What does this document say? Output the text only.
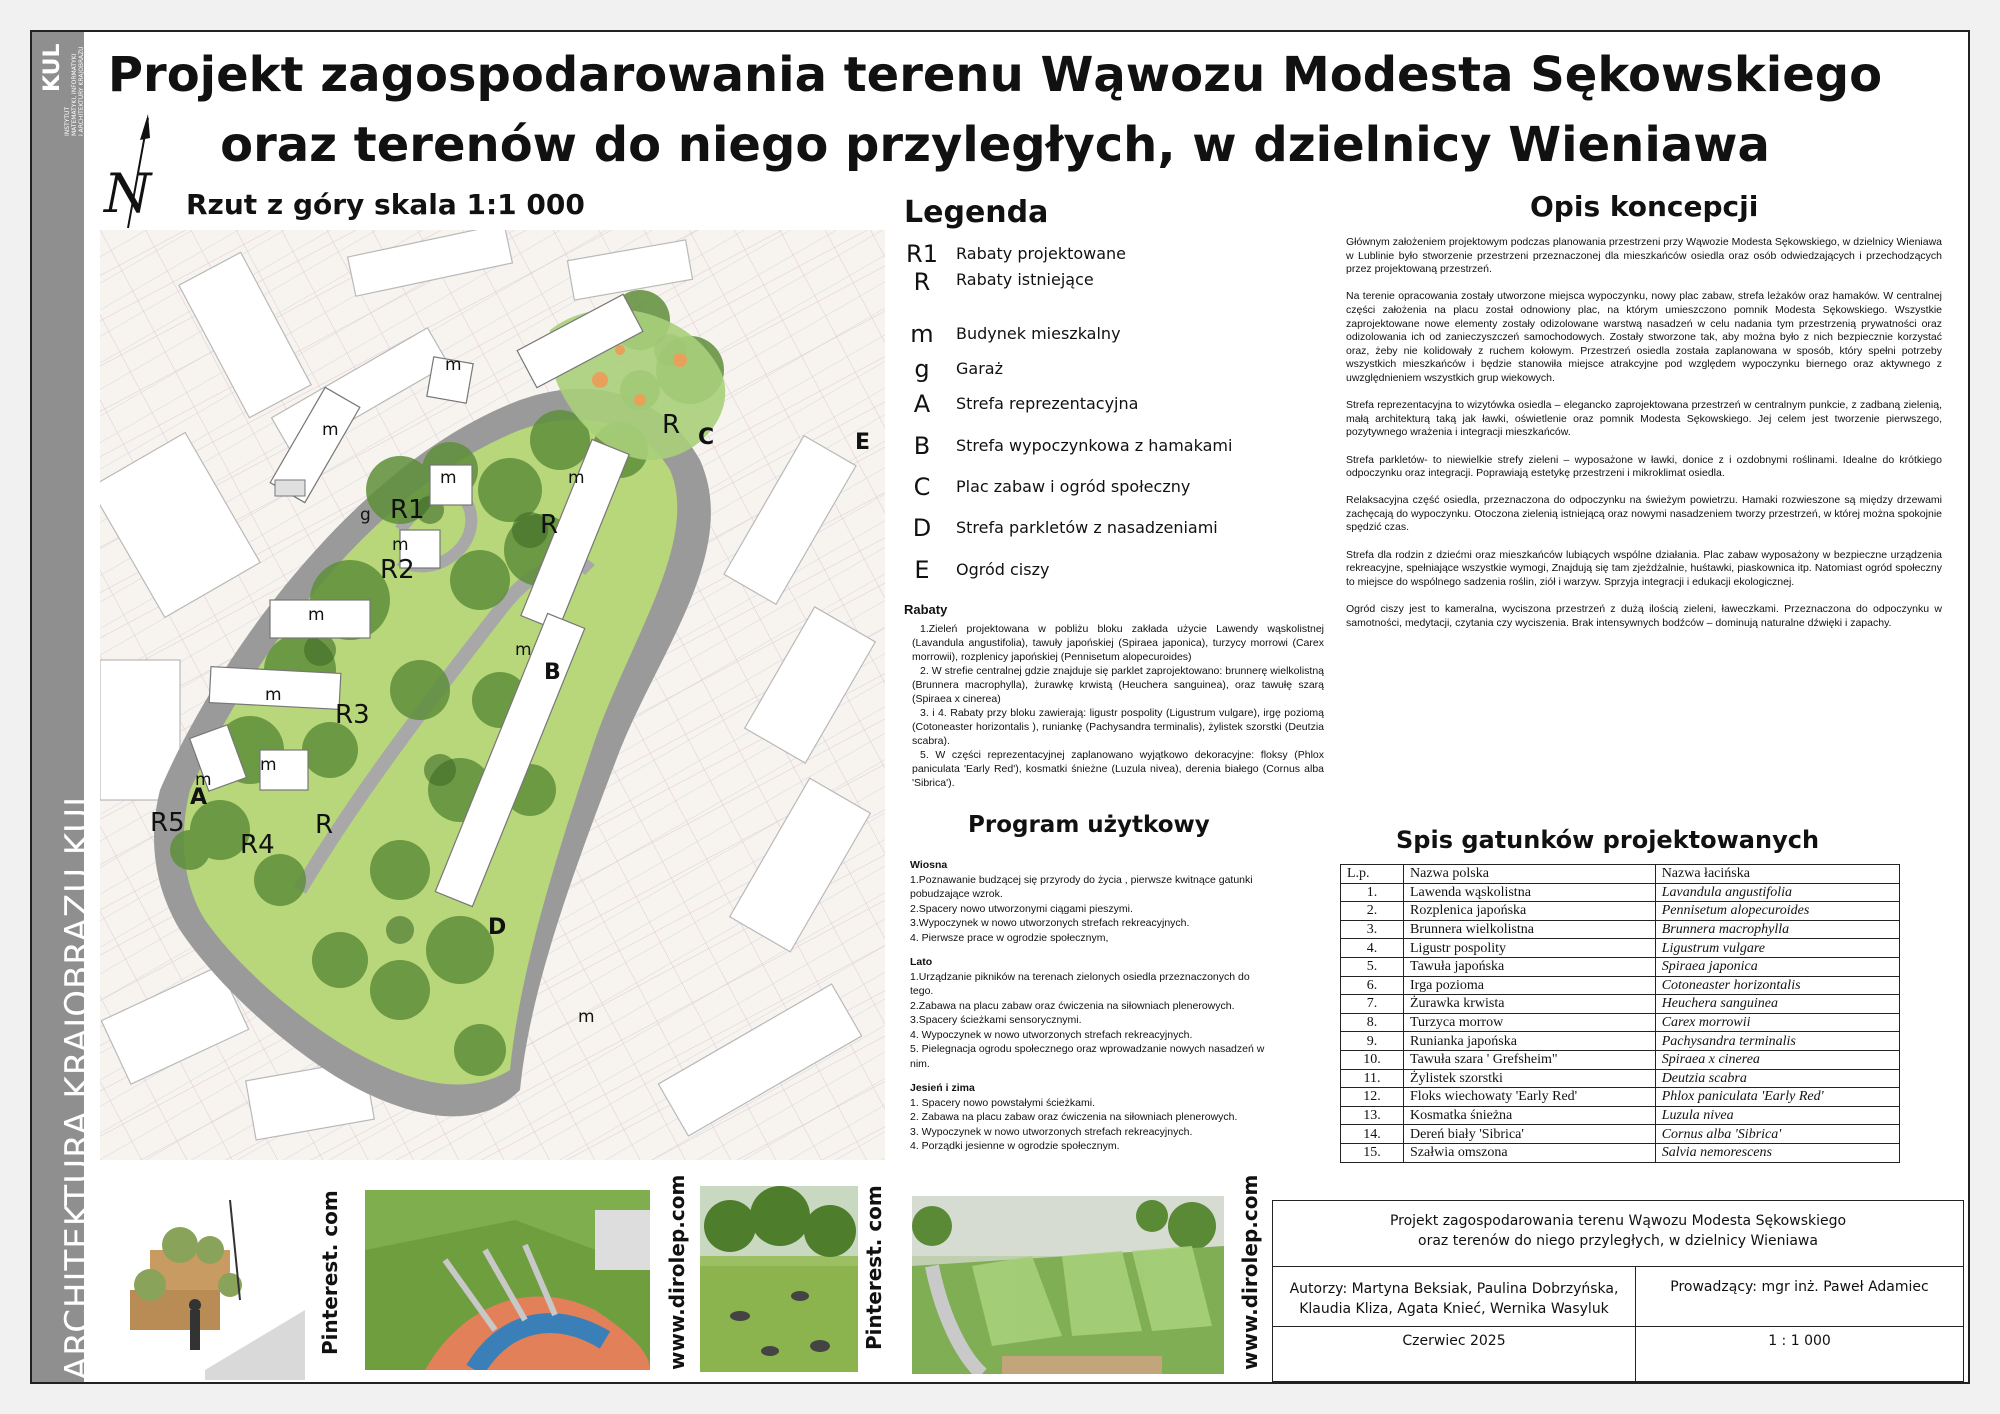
KUL
INSTYTUT
MATEMATYKI, INFORMATYKI
I ARCHITEKTURY KRAJOBRAZU
ARCHITEKTURA KRAJOBRAZU KUL
Projekt zagospodarowania terenu Wąwozu Modesta Sękowskiego
oraz terenów do niego przyległych, w dzielnicy Wieniawa
N Rzut z góry skala 1:1 000
m
m
m
m
m
m
m
m
m
m
m
g
R
R
R
R1
R2
R3
R4
R5
A
B
C
D
E
Legenda
R1 Rabaty projektowane
R	Rabaty istniejące
m	Budynek mieszkalny
g	Garaż
A	Strefa reprezentacyjna
B	Strefa wypoczynkowa z hamakami
C	Plac zabaw i ogród społeczny
D	Strefa parkletów z nasadzeniami
E	Ogród ciszy
Rabaty

1.Zieleń projektowana w pobliżu bloku zakłada użycie Lawendy wąskolistnej (Lavandula angustifolia), tawuły japońskiej (Spiraea japonica), turzycy morrowi (Carex morrowii), rozplenicy japońskiej (Pennisetum alopecuroides)

2. W strefie centralnej gdzie znajduje się parklet zaprojektowano: brunnerę wielkolistną (Brunnera macrophylla), żurawkę krwistą (Heuchera sanguinea), oraz tawułę szarą (Spiraea x cinerea)

3. i 4. Rabaty przy bloku zawierają: ligustr pospolity (Ligustrum vulgare), irgę poziomą (Cotoneaster horizontalis ), runiankę (Pachysandra terminalis), żylistek szorstki (Deutzia scabra).

5. W części reprezentacyjnej zaplanowano wyjątkowo dekoracyjne: floksy (Phlox paniculata 'Early Red'), kosmatki śnieżne (Luzula nivea), derenia białego (Cornus alba 'Sibrica').

Program użytkowy
Wiosna

1.Poznawanie budzącej się przyrody do życia , pierwsze kwitnące gatunki pobudzające wzrok.

2.Spacery nowo utworzonymi ciągami pieszymi.

3.Wypoczynek w nowo utworzonych strefach rekreacyjnych.

4. Pierwsze prace w ogrodzie społecznym,

Lato

1.Urządzanie pikników na terenach zielonych osiedla przeznaczonych do tego.

2.Zabawa na placu zabaw oraz ćwiczenia na siłowniach plenerowych.

3.Spacery ścieżkami sensorycznymi.

4. Wypoczynek w nowo utworzonych strefach rekreacyjnych.

5. Pielegnacja ogrodu społecznego oraz wprowadzanie nowych nasadzeń w nim.

Jesień i zima

1. Spacery nowo powstałymi ścieżkami.

2. Zabawa na placu zabaw oraz ćwiczenia na siłowniach plenerowych.

3. Wypoczynek w nowo utworzonych strefach rekreacyjnych.

4. Porządki jesienne w ogrodzie społecznym.

Opis koncepcji

Głównym założeniem projektowym podczas planowania przestrzeni przy Wąwozie Modesta Sękowskiego, w dzielnicy Wieniawa w Lublinie było stworzenie przestrzeni przeznaczonej dla mieszkańców osiedla oraz osób odwiedzających i przechodzących przez projektowaną przestrzeń.

Na terenie opracowania zostały utworzone miejsca wypoczynku, nowy plac zabaw, strefa leżaków oraz hamaków. W centralnej części założenia na placu został odnowiony plac, na którym umieszczono pomnik Modesta Sękowskiego. Wszystkie zaprojektowane nowe elementy zostały odizolowane warstwą nasadzeń w celu nadania tym przestrzenią prywatności oraz odizolowania ich od zanieczyszczeń samochodowych. Zostały stworzone tak, aby można było z nich bezpiecznie korzystać oraz, żeby nie kolidowały z ruchem kołowym. Przestrzeń osiedla została zaplanowana w sposób, który spełni potrzeby wszystkich mieszkańców i będzie stanowiła miejsce atrakcyjne pod względem wypoczynku biernego oraz aktywnego z uwzględnieniem wszystkich grup wiekowych.

Strefa reprezentacyjna to wizytówka osiedla – elegancko zaprojektowana przestrzeń w centralnym punkcie, z zadbaną zielenią, małą architekturą taką jak ławki, oświetlenie oraz pomnik Modesta Sękowskiego. Jej celem jest tworzenie pierwszego, pozytywnego wrażenia i integracji mieszkańców.

Strefa parkletów- to niewielkie strefy zieleni – wyposażone w ławki, donice z i ozdobnymi roślinami. Idealne do krótkiego odpoczynku oraz integracji. Poprawiają estetykę przestrzeni i mikroklimat osiedla.

Relaksacyjna część osiedla, przeznaczona do odpoczynku na świeżym powietrzu. Hamaki rozwieszone są między drzewami zachęcają do wypoczynku. Otoczona zielenią istniejącą oraz nowymi nasadzeniem tworzy przestrzeń, w której można spokojnie spędzić czas.

Strefa dla rodzin z dziećmi oraz mieszkańców lubiących wspólne działania. Plac zabaw wyposażony w bezpieczne urządzenia rekreacyjne, spełniające wszystkie wymogi, Znajdują się tam zjeżdżalnie, huśtawki, piaskownica itp. Natomiast ogród społeczny to miejsce do wspólnego sadzenia roślin, ziół i warzyw. Sprzyja integracji i edukacji ekologicznej.

Ogród ciszy jest to kameralna, wyciszona przestrzeń z dużą ilością zieleni, ławeczkami. Przeznaczona do odpoczynku w samotności, medytacji, czytania czy wyciszenia. Brak intensywnych bodźców – dominują naturalne dźwięki i zapachy.

Spis gatunków projektowanych
L.p.	Nazwa polska	Nazwa łacińska
1.	Lawenda wąskolistna	Lavandula angustifolia
2.	Rozplenica japońska	Pennisetum alopecuroides
3.	Brunnera wielkolistna	Brunnera macrophylla
4.	Ligustr pospolity	Ligustrum vulgare
5.	Tawuła japońska	Spiraea japonica
6.	Irga pozioma	Cotoneaster horizontalis
7.	Żurawka krwista	Heuchera sanguinea
8.	Turzyca morrow	Carex morrowii
9.	Runianka japońska	Pachysandra terminalis
10.	Tawuła szara ' Grefsheim"	Spiraea x cinerea
11.	Żylistek szorstki	Deutzia scabra
12.	Floks wiechowaty 'Early Red'	Phlox paniculata 'Early Red'
13.	Kosmatka śnieżna	Luzula nivea
14.	Dereń biały 'Sibrica'	Cornus alba 'Sibrica'
15.	Szałwia omszona	Salvia nemorescens
Pinterest. com	www.dirolep.com	Pinterest. com	www.dirolep.com	Projekt zagospodarowania terenu Wąwozu Modesta Sękowskiego
oraz terenów do niego przyległych, w dzielnicy Wieniawa
Autorzy: Martyna Beksiak, Paulina Dobrzyńska,
Klaudia Kliza, Agata Knieć, Wernika Wasyluk
Prowadzący: mgr inż. Paweł Adamiec
Czerwiec 2025	1 : 1 000
